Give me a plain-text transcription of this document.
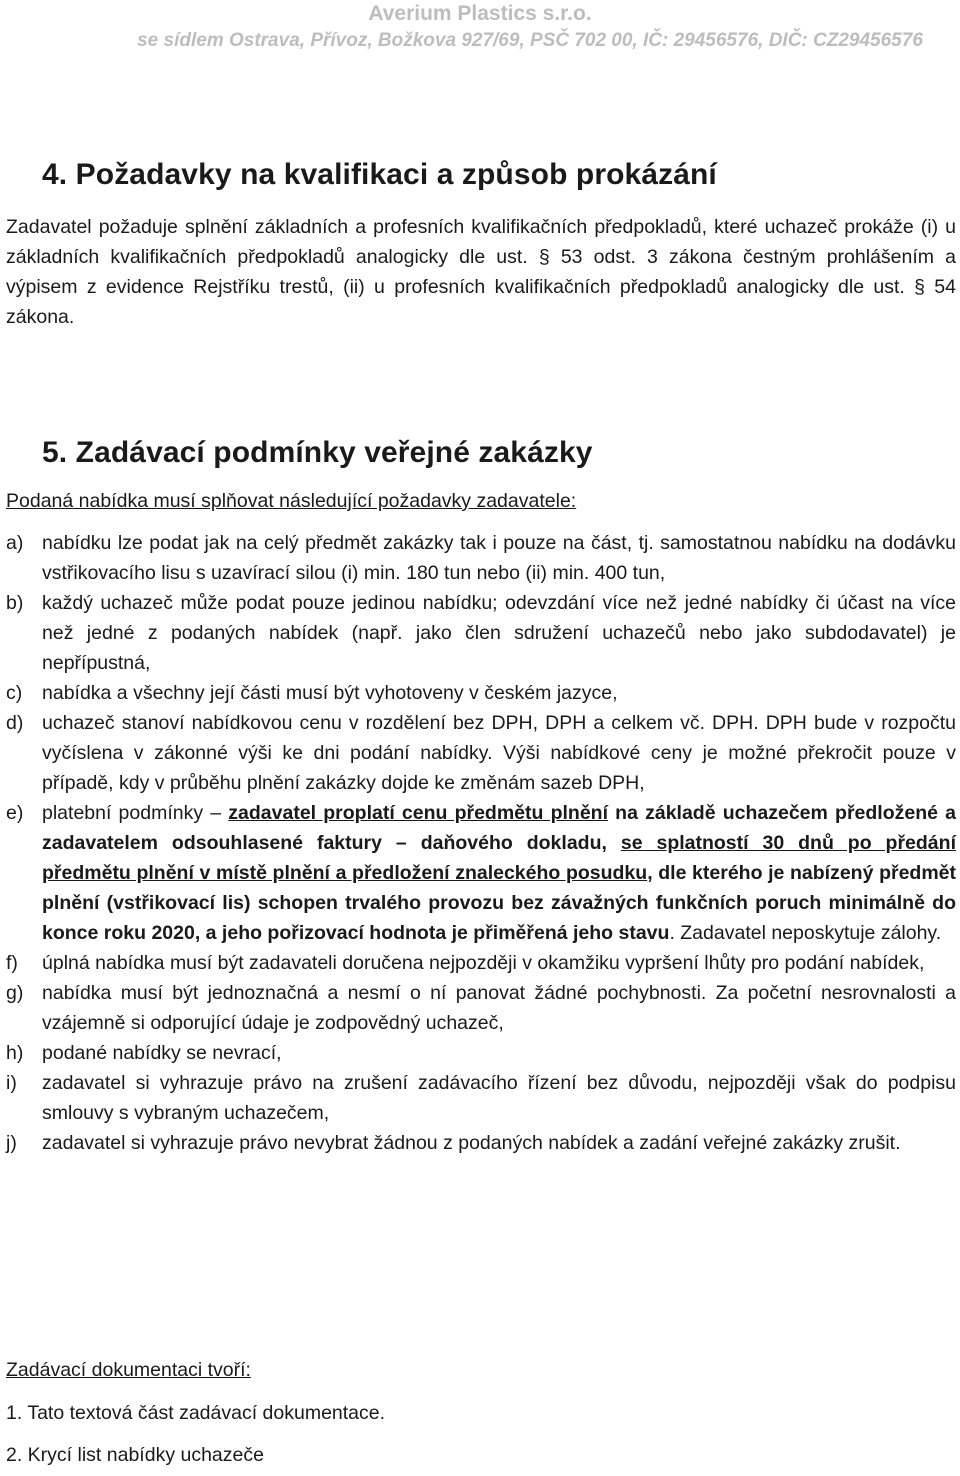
Averium Plastics s.r.o.
se sídlem Ostrava, Přívoz, Božkova 927/69, PSČ 702 00, IČ: 29456576, DIČ: CZ29456576
4. Požadavky na kvalifikaci a způsob prokázání
Zadavatel požaduje splnění základních a profesních kvalifikačních předpokladů, které uchazeč prokáže (i) u základních kvalifikačních předpokladů analogicky dle ust. § 53 odst. 3 zákona čestným prohlášením a výpisem z evidence Rejstříku trestů, (ii) u profesních kvalifikačních předpokladů analogicky dle ust. § 54 zákona.
5. Zadávací podmínky veřejné zakázky
Podaná nabídka musí splňovat následující požadavky zadavatele:
a) nabídku lze podat jak na celý předmět zakázky tak i pouze na část, tj. samostatnou nabídku na dodávku vstřikovacího lisu s uzavírací silou (i) min. 180 tun nebo (ii) min. 400 tun,
b) každý uchazeč může podat pouze jedinou nabídku; odevzdání více než jedné nabídky či účast na více než jedné z podaných nabídek (např. jako člen sdružení uchazečů nebo jako subdodavatel) je nepřípustná,
c)	nabídka a všechny její části musí být vyhotoveny v českém jazyce,
d) uchazeč stanoví nabídkovou cenu v rozdělení bez DPH, DPH a celkem vč. DPH. DPH bude v rozpočtu vyčíslena v zákonné výši ke dni podání nabídky. Výši nabídkové ceny je možné překročit pouze v případě, kdy v průběhu plnění zakázky dojde ke změnám sazeb DPH,
e) platební podmínky – zadavatel proplatí cenu předmětu plnění na základě uchazečem předložené a zadavatelem odsouhlasené faktury – daňového dokladu, se splatností 30 dnů po předání předmětu plnění v místě plnění a předložení znaleckého posudku, dle kterého je nabízený předmět plnění (vstřikovací lis) schopen trvalého provozu bez závažných funkčních poruch minimálně do konce roku 2020, a jeho pořizovací hodnota je přiměřená jeho stavu. Zadavatel neposkytuje zálohy.
f)	úplná nabídka musí být zadavateli doručena nejpozději v okamžiku vypršení lhůty pro podání nabídek,
g) nabídka musí být jednoznačná a nesmí o ní panovat žádné pochybnosti. Za početní nesrovnalosti a vzájemně si odporující údaje je zodpovědný uchazeč,
h) podané nabídky se nevrací,
i)	zadavatel si vyhrazuje právo na zrušení zadávacího řízení bez důvodu, nejpozději však do podpisu smlouvy s vybraným uchazečem,
j)	zadavatel si vyhrazuje právo nevybrat žádnou z podaných nabídek a zadání veřejné zakázky zrušit.
Zadávací dokumentaci tvoří:
1. Tato textová část zadávací dokumentace.
2. Krycí list nabídky uchazeče
